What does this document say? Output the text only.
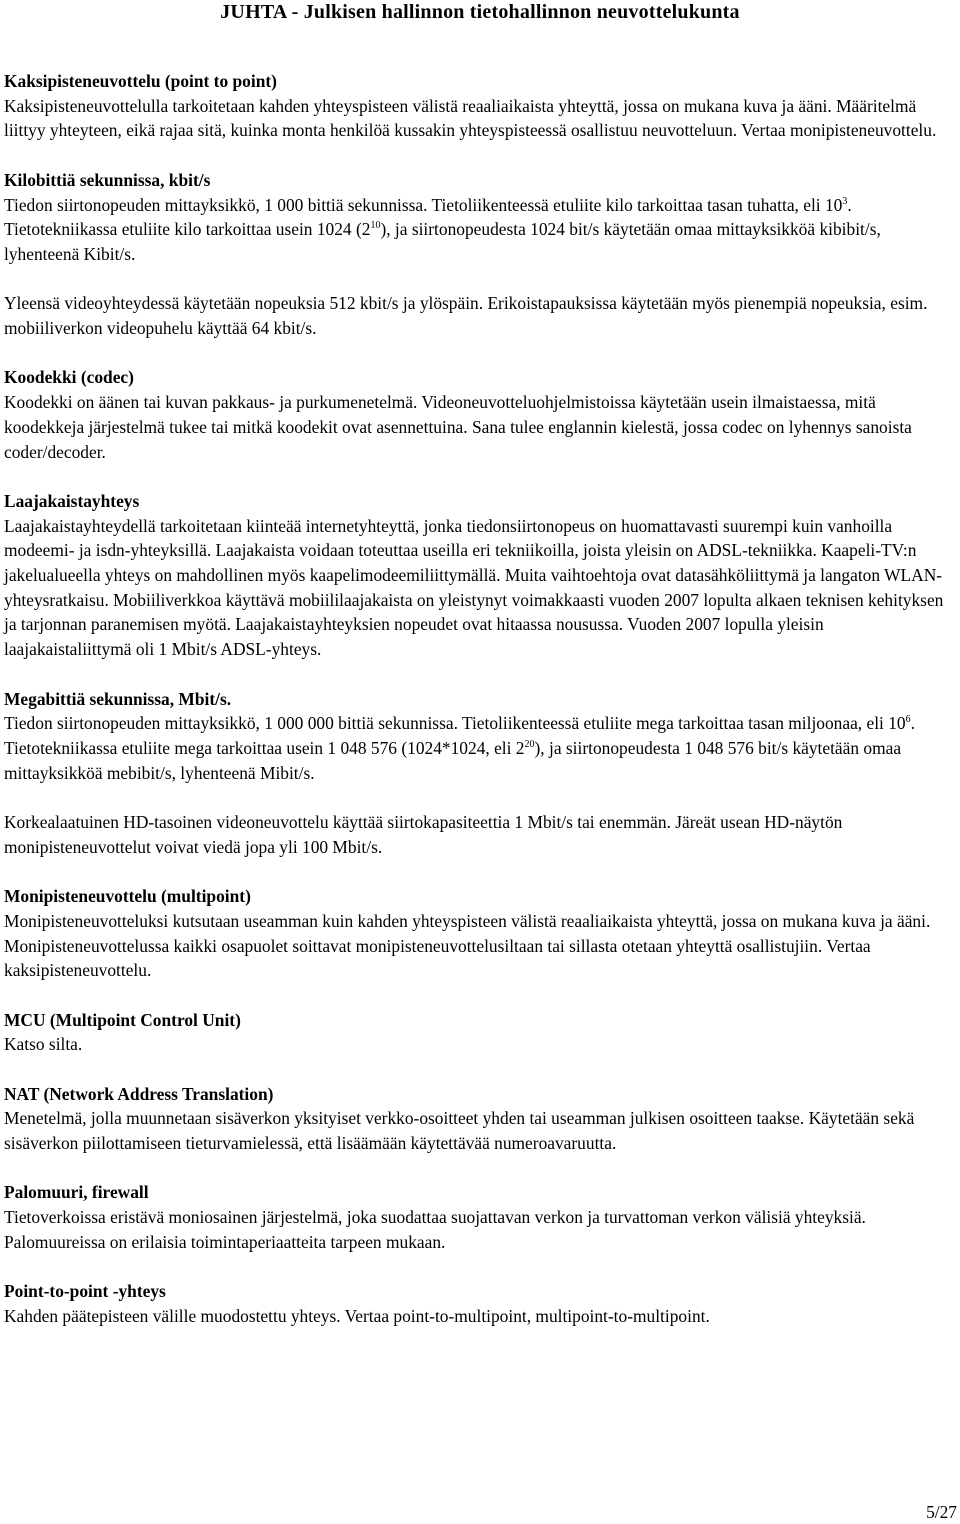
JUHTA - Julkisen hallinnon tietohallinnon neuvottelukunta
Kaksipisteneuvottelu (point to point)

Kaksipisteneuvottelulla tarkoitetaan kahden yhteyspisteen välistä reaaliaikaista yhteyttä, jossa on mukana kuva ja ääni. Määritelmä liittyy yhteyteen, eikä rajaa sitä, kuinka monta henkilöä kussakin yhteyspisteessä osallistuu neuvotteluun. Vertaa monipisteneuvottelu.

Kilobittiä sekunnissa, kbit/s

Tiedon siirtonopeuden mittayksikkö, 1 000 bittiä sekunnissa. Tietoliikenteessä etuliite kilo tarkoittaa tasan tuhatta, eli $10^3$. Tietotekniikassa etuliite kilo tarkoittaa usein 1024 $(2^{10})$, ja siirtonopeudesta 1024 bit/s käytetään omaa mittayksikköä kibibit/s, lyhenteenä Kibit/s.

Yleensä videoyhteydessä käytetään nopeuksia 512 kbit/s ja ylöspäin. Erikoistapauksissa käytetään myös pienempiä nopeuksia, esim. mobiiliverkon videopuhelu käyttää 64 kbit/s.

Koodekki (codec)

Koodekki on äänen tai kuvan pakkaus- ja purkumenetelmä. Videoneuvotteluohjelmistoissa käytetään usein ilmaistaessa, mitä koodekkeja järjestelmä tukee tai mitkä koodekit ovat asennettuina. Sana tulee englannin kielestä, jossa codec on lyhennys sanoista coder/decoder.

Laajakaistayhteys

Laajakaistayhteydellä tarkoitetaan kiinteää internetyhteyttä, jonka tiedonsiirtonopeus on huomattavasti suurempi kuin vanhoilla modeemi- ja isdn-yhteyksillä. Laajakaista voidaan toteuttaa useilla eri tekniikoilla, joista yleisin on ADSL-tekniikka. Kaapeli-TV:n jakelualueella yhteys on mahdollinen myös kaapelimodeemiliittymällä. Muita vaihtoehtoja ovat datasähköliittymä ja langaton WLAN-yhteysratkaisu. Mobiiliverkkoa käyttävä mobiililaajakaista on yleistynyt voimakkaasti vuoden 2007 lopulta alkaen teknisen kehityksen ja tarjonnan paranemisen myötä. Laajakaistayhteyksien nopeudet ovat hitaassa nousussa. Vuoden 2007 lopulla yleisin laajakaistaliittymä oli 1 Mbit/s ADSL-yhteys.

Megabittiä sekunnissa, Mbit/s.

Tiedon siirtonopeuden mittayksikkö, 1 000 000 bittiä sekunnissa. Tietoliikenteessä etuliite mega tarkoittaa tasan miljoonaa, eli $10^6$. Tietotekniikassa etuliite mega tarkoittaa usein 1 048 576 (1024*1024, eli $2^{20}$), ja siirtonopeudesta 1 048 576 bit/s käytetään omaa mittayksikköä mebibit/s, lyhenteenä Mibit/s.

Korkealaatuinen HD-tasoinen videoneuvottelu käyttää siirtokapasiteettia 1 Mbit/s tai enemmän. Järeät usean HD-näytön monipisteneuvottelut voivat viedä jopa yli 100 Mbit/s.

Monipisteneuvottelu (multipoint)

Monipisteneuvotteluksi kutsutaan useamman kuin kahden yhteyspisteen välistä reaaliaikaista yhteyttä, jossa on mukana kuva ja ääni. Monipisteneuvottelussa kaikki osapuolet soittavat monipisteneuvottelusiltaan tai sillasta otetaan yhteyttä osallistujiin. Vertaa kaksipisteneuvottelu.

MCU (Multipoint Control Unit)

Katso silta.

NAT (Network Address Translation)

Menetelmä, jolla muunnetaan sisäverkon yksityiset verkko-osoitteet yhden tai useamman julkisen osoitteen taakse. Käytetään sekä sisäverkon piilottamiseen tieturvamielessä, että lisäämään käytettävää numeroavaruutta.

Palomuuri, firewall

Tietoverkoissa eristävä moniosainen järjestelmä, joka suodattaa suojattavan verkon ja turvattoman verkon välisiä yhteyksiä. Palomuureissa on erilaisia toimintaperiaatteita tarpeen mukaan.

Point-to-point -yhteys

Kahden päätepisteen välille muodostettu yhteys. Vertaa point-to-multipoint, multipoint-to-multipoint.

5/27
